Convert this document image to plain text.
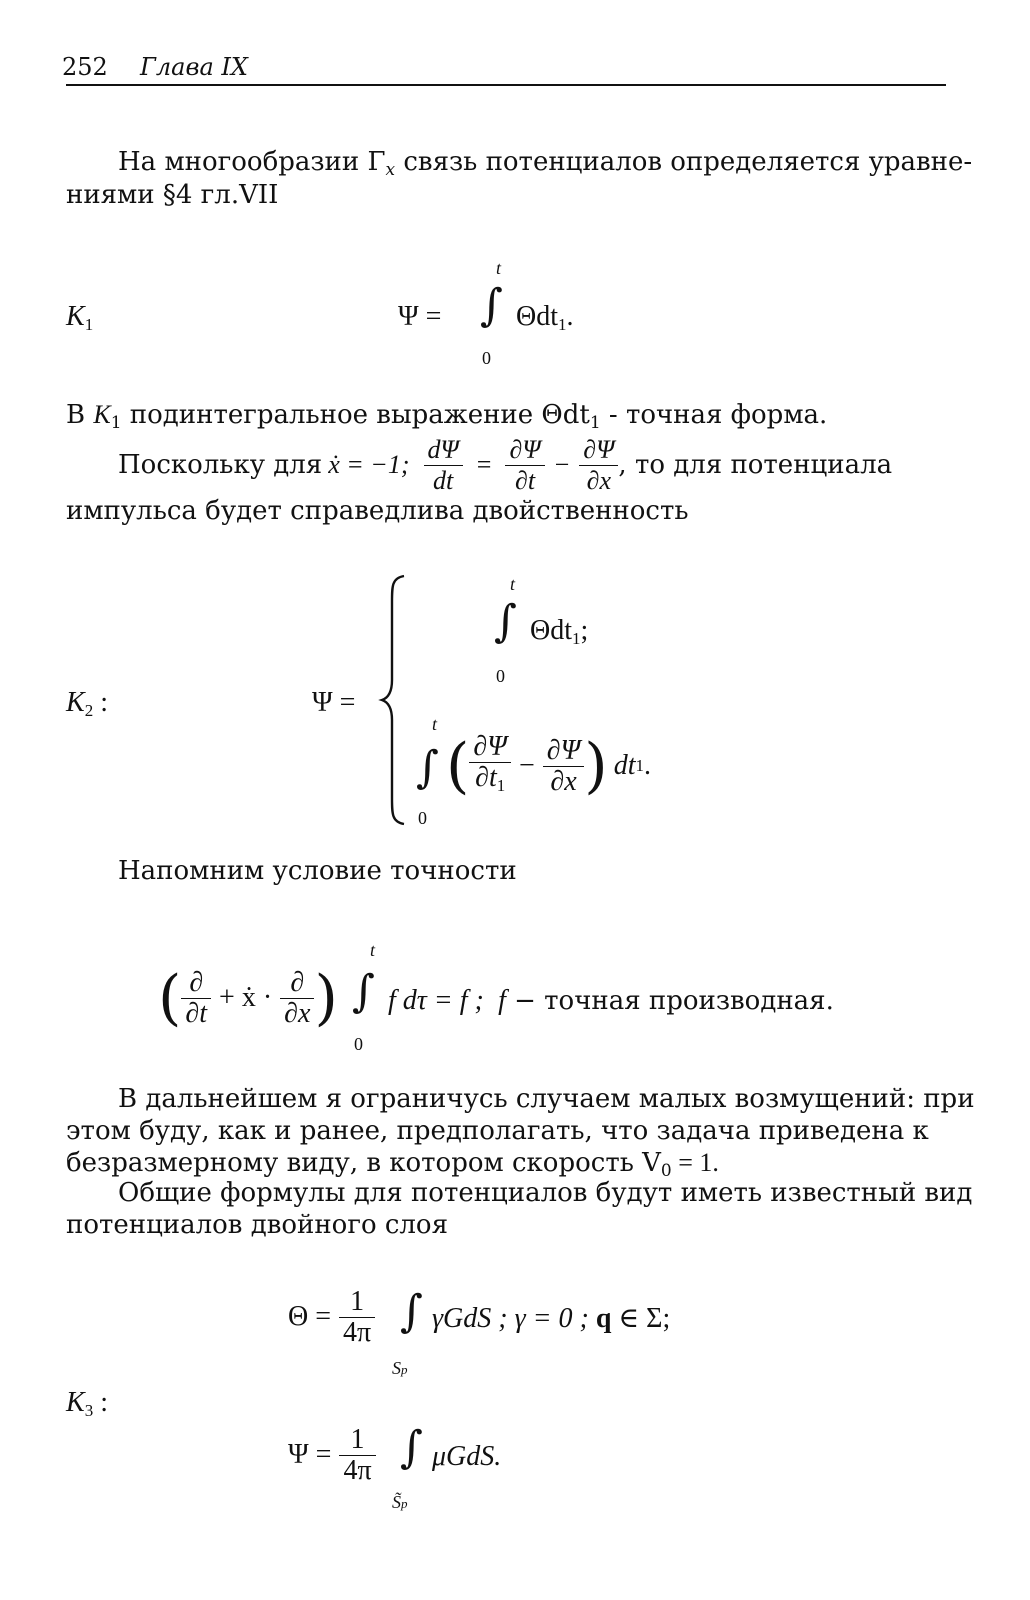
252 Глава IX
На многообразии $\Gamma_x$ связь потенциалов определяется уравне-
ниями §4 гл.VII
$K_1$	Ψ =
t
∫
0
Θdt$_1$.
В $K_1$ подинтегральное выражение Θdt$_1$ - точная форма.
Поскольку для ẋ = −1; $\frac{d\Psi}{dt} = \frac{\partial\Psi}{\partial t} - \frac{\partial\Psi}{\partial x}$ , то для потенциала
импульса будет справедлива двойственность
$K_2$ :	Ψ =
t
∫
0
Θdt$_1$;
t
∫
0
( $\frac{\partial\Psi}{\partial t_1} - \frac{\partial\Psi}{\partial x}$ ) dt 1 .
Напомним условие точности
( $\frac{\partial}{\partial t}$ + ẋ · $\frac{\partial}{\partial x}$ )
t
∫
0
f dτ = f ; f − точная производная.
В дальнейшем я ограничусь случаем малых возмущений: при
этом буду, как и ранее, предполагать, что задача приведена к
безразмерному виду, в котором скорость $V_0 = 1$.
Общие формулы для потенциалов будут иметь известный вид
потенциалов двойного слоя
$K_3$ :
$\Theta = \frac{1}{4\pi}$ ∫
Sp
γGdS ; γ = 0 ; q ∈ Σ;
$\Psi = \frac{1}{4\pi}$ ∫
S̃p
μGdS.
